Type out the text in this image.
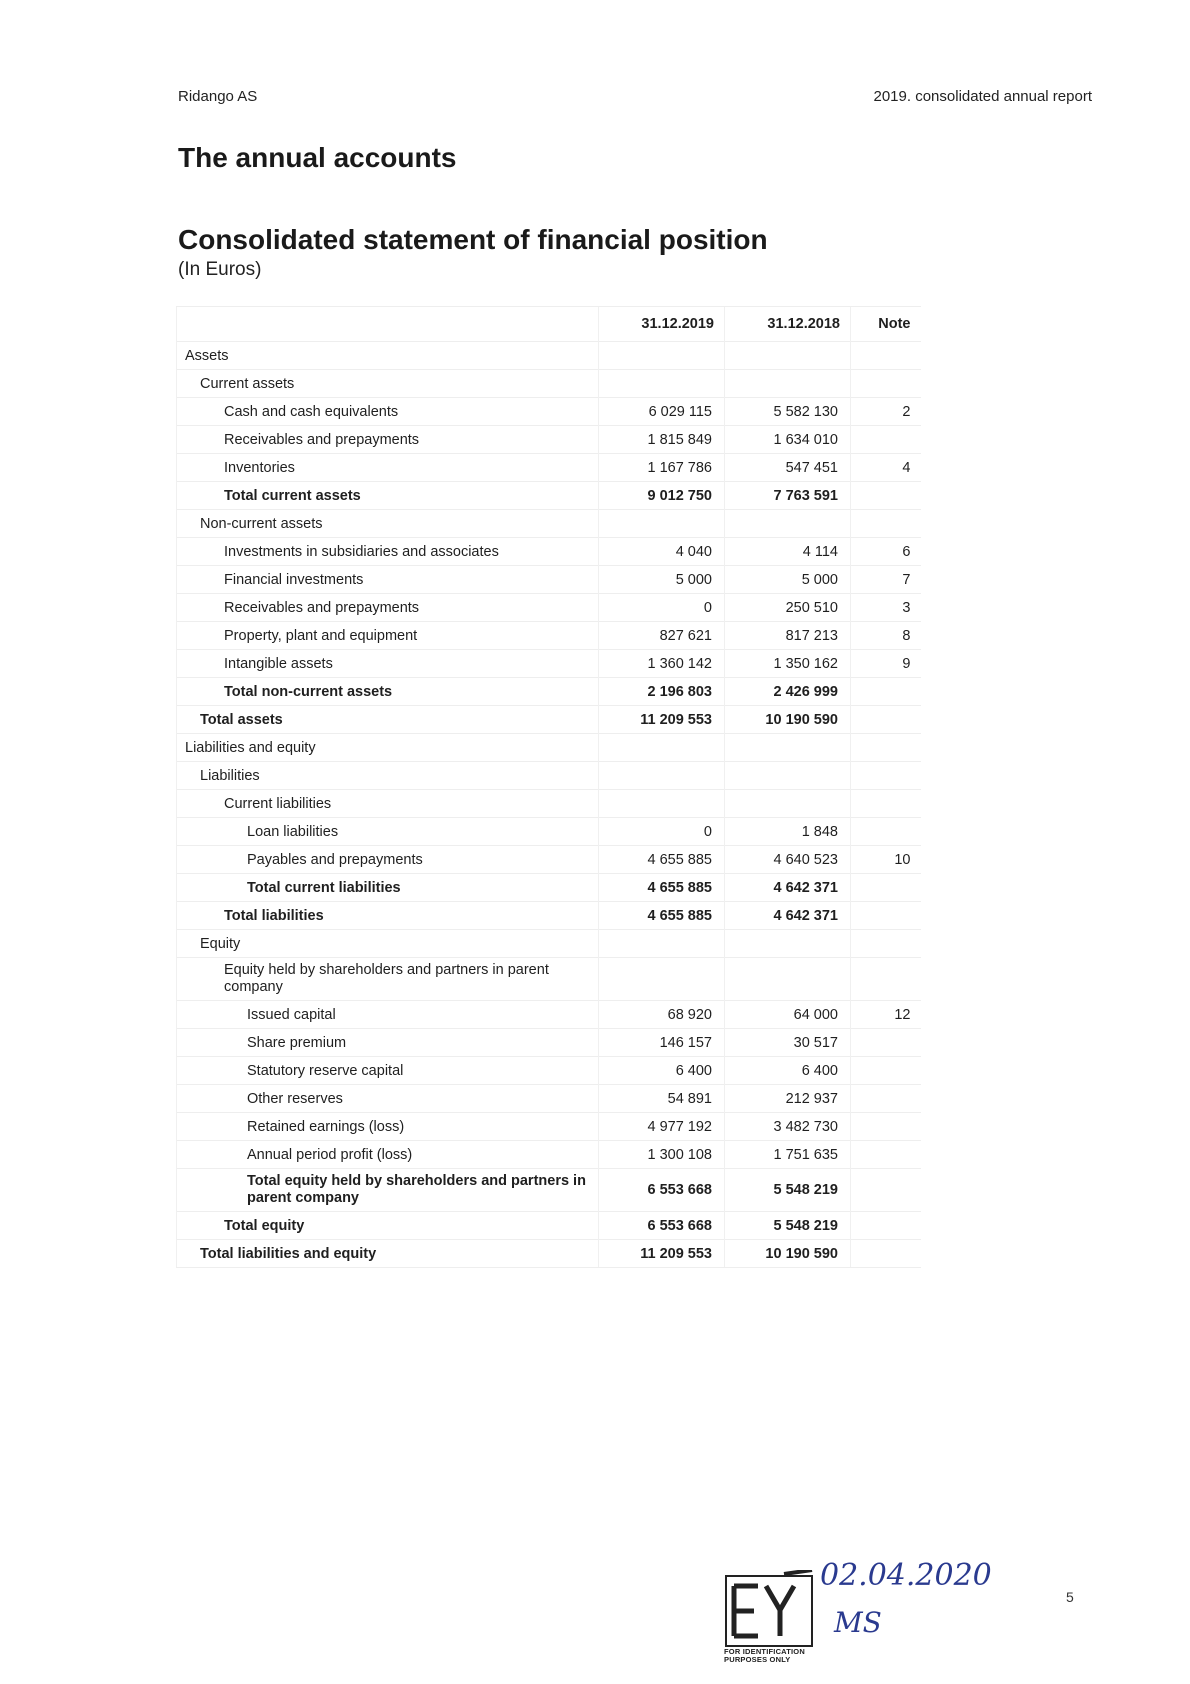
Ridango AS	2019. consolidated annual report
The annual accounts
Consolidated statement of financial position
(In Euros)
	31.12.2019	31.12.2018	Note
Assets			
Current assets			
Cash and cash equivalents	6 029 115	5 582 130	2
Receivables and prepayments	1 815 849	1 634 010	
Inventories	1 167 786	547 451	4
Total current assets	9 012 750	7 763 591	
Non-current assets			
Investments in subsidiaries and associates	4 040	4 114	6
Financial investments	5 000	5 000	7
Receivables and prepayments	0	250 510	3
Property, plant and equipment	827 621	817 213	8
Intangible assets	1 360 142	1 350 162	9
Total non-current assets	2 196 803	2 426 999	
Total assets	11 209 553	10 190 590	
Liabilities and equity			
Liabilities			
Current liabilities			
Loan liabilities	0	1 848	
Payables and prepayments	4 655 885	4 640 523	10
Total current liabilities	4 655 885	4 642 371	
Total liabilities	4 655 885	4 642 371	
Equity			
Equity held by shareholders and partners in parent company			
Issued capital	68 920	64 000	12
Share premium	146 157	30 517	
Statutory reserve capital	6 400	6 400	
Other reserves	54 891	212 937	
Retained earnings (loss)	4 977 192	3 482 730	
Annual period profit (loss)	1 300 108	1 751 635	
Total equity held by shareholders and partners in parent company	6 553 668	5 548 219	
Total equity	6 553 668	5 548 219	
Total liabilities and equity	11 209 553	10 190 590	
FOR IDENTIFICATION
PURPOSES ONLY
02.04.2020
MS
5
